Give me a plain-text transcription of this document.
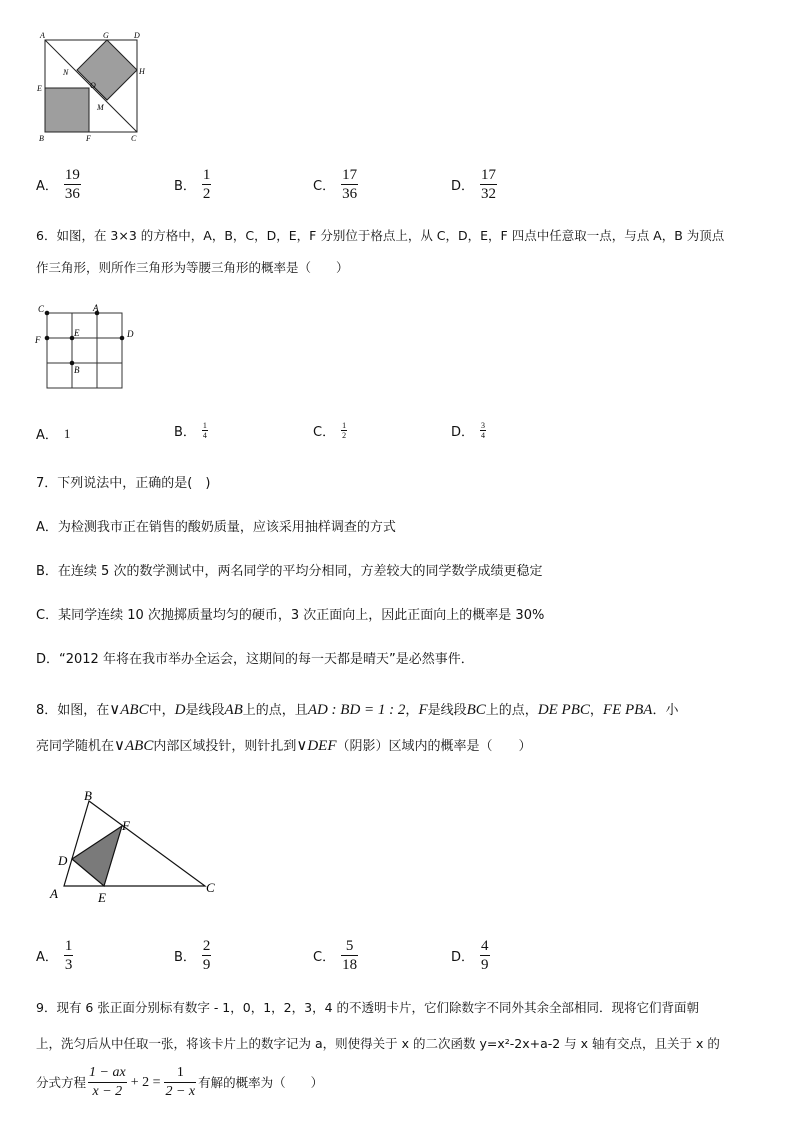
A	G	D
N	H
O
E
M
B	F	C
A． $\frac{19}{36}$	B． $\frac{1}{2}$	C． $\frac{17}{36}$	D． $\frac{17}{32}$
6．如图，在 3×3 的方格中，A，B，C，D，E，F 分别位于格点上，从 C，D，E，F 四点中任意取一点，与点 A，B 为顶点
作三角形，则所作三角形为等腰三角形的概率是（　　）
C	A
F
E	D
B
A． 1	B． $\frac{1}{4}$	C． $\frac{1}{2}$	D． $\frac{3}{4}$
7．下列说法中，正确的是(　)
A．为检测我市正在销售的酸奶质量，应该采用抽样调查的方式
B．在连续 5 次的数学测试中，两名同学的平均分相同，方差较大的同学数学成绩更稳定
C．某同学连续 10 次抛掷质量均匀的硬币，3 次正面向上，因此正面向上的概率是 30%
D．“2012 年将在我市举办全运会，这期间的每一天都是晴天”是必然事件．
8．如图，在∨ABC中，D是线段AB上的点，且AD : BD = 1 : 2，F是线段BC上的点，DE PBC，FE PBA．小
亮同学随机在∨ABC内部区域投针，则针扎到∨DEF（阴影）区域内的概率是（　　）
B
F
D
A	E
C
A． $\frac{1}{3}$	B． $\frac{2}{9}$	C． $\frac{5}{18}$	D． $\frac{4}{9}$
9．现有 6 张正面分别标有数字 - 1，0，1，2，3，4 的不透明卡片，它们除数字不同外其余全部相同．现将它们背面朝
上，洗匀后从中任取一张，将该卡片上的数字记为 a，则使得关于 x 的二次函数 y=x²-2x+a-2 与 x 轴有交点，且关于 x 的
分式方程 $\frac{1 - ax}{x - 2} + 2 = \frac{1}{2 - x}$ 有解的概率为（　　）
